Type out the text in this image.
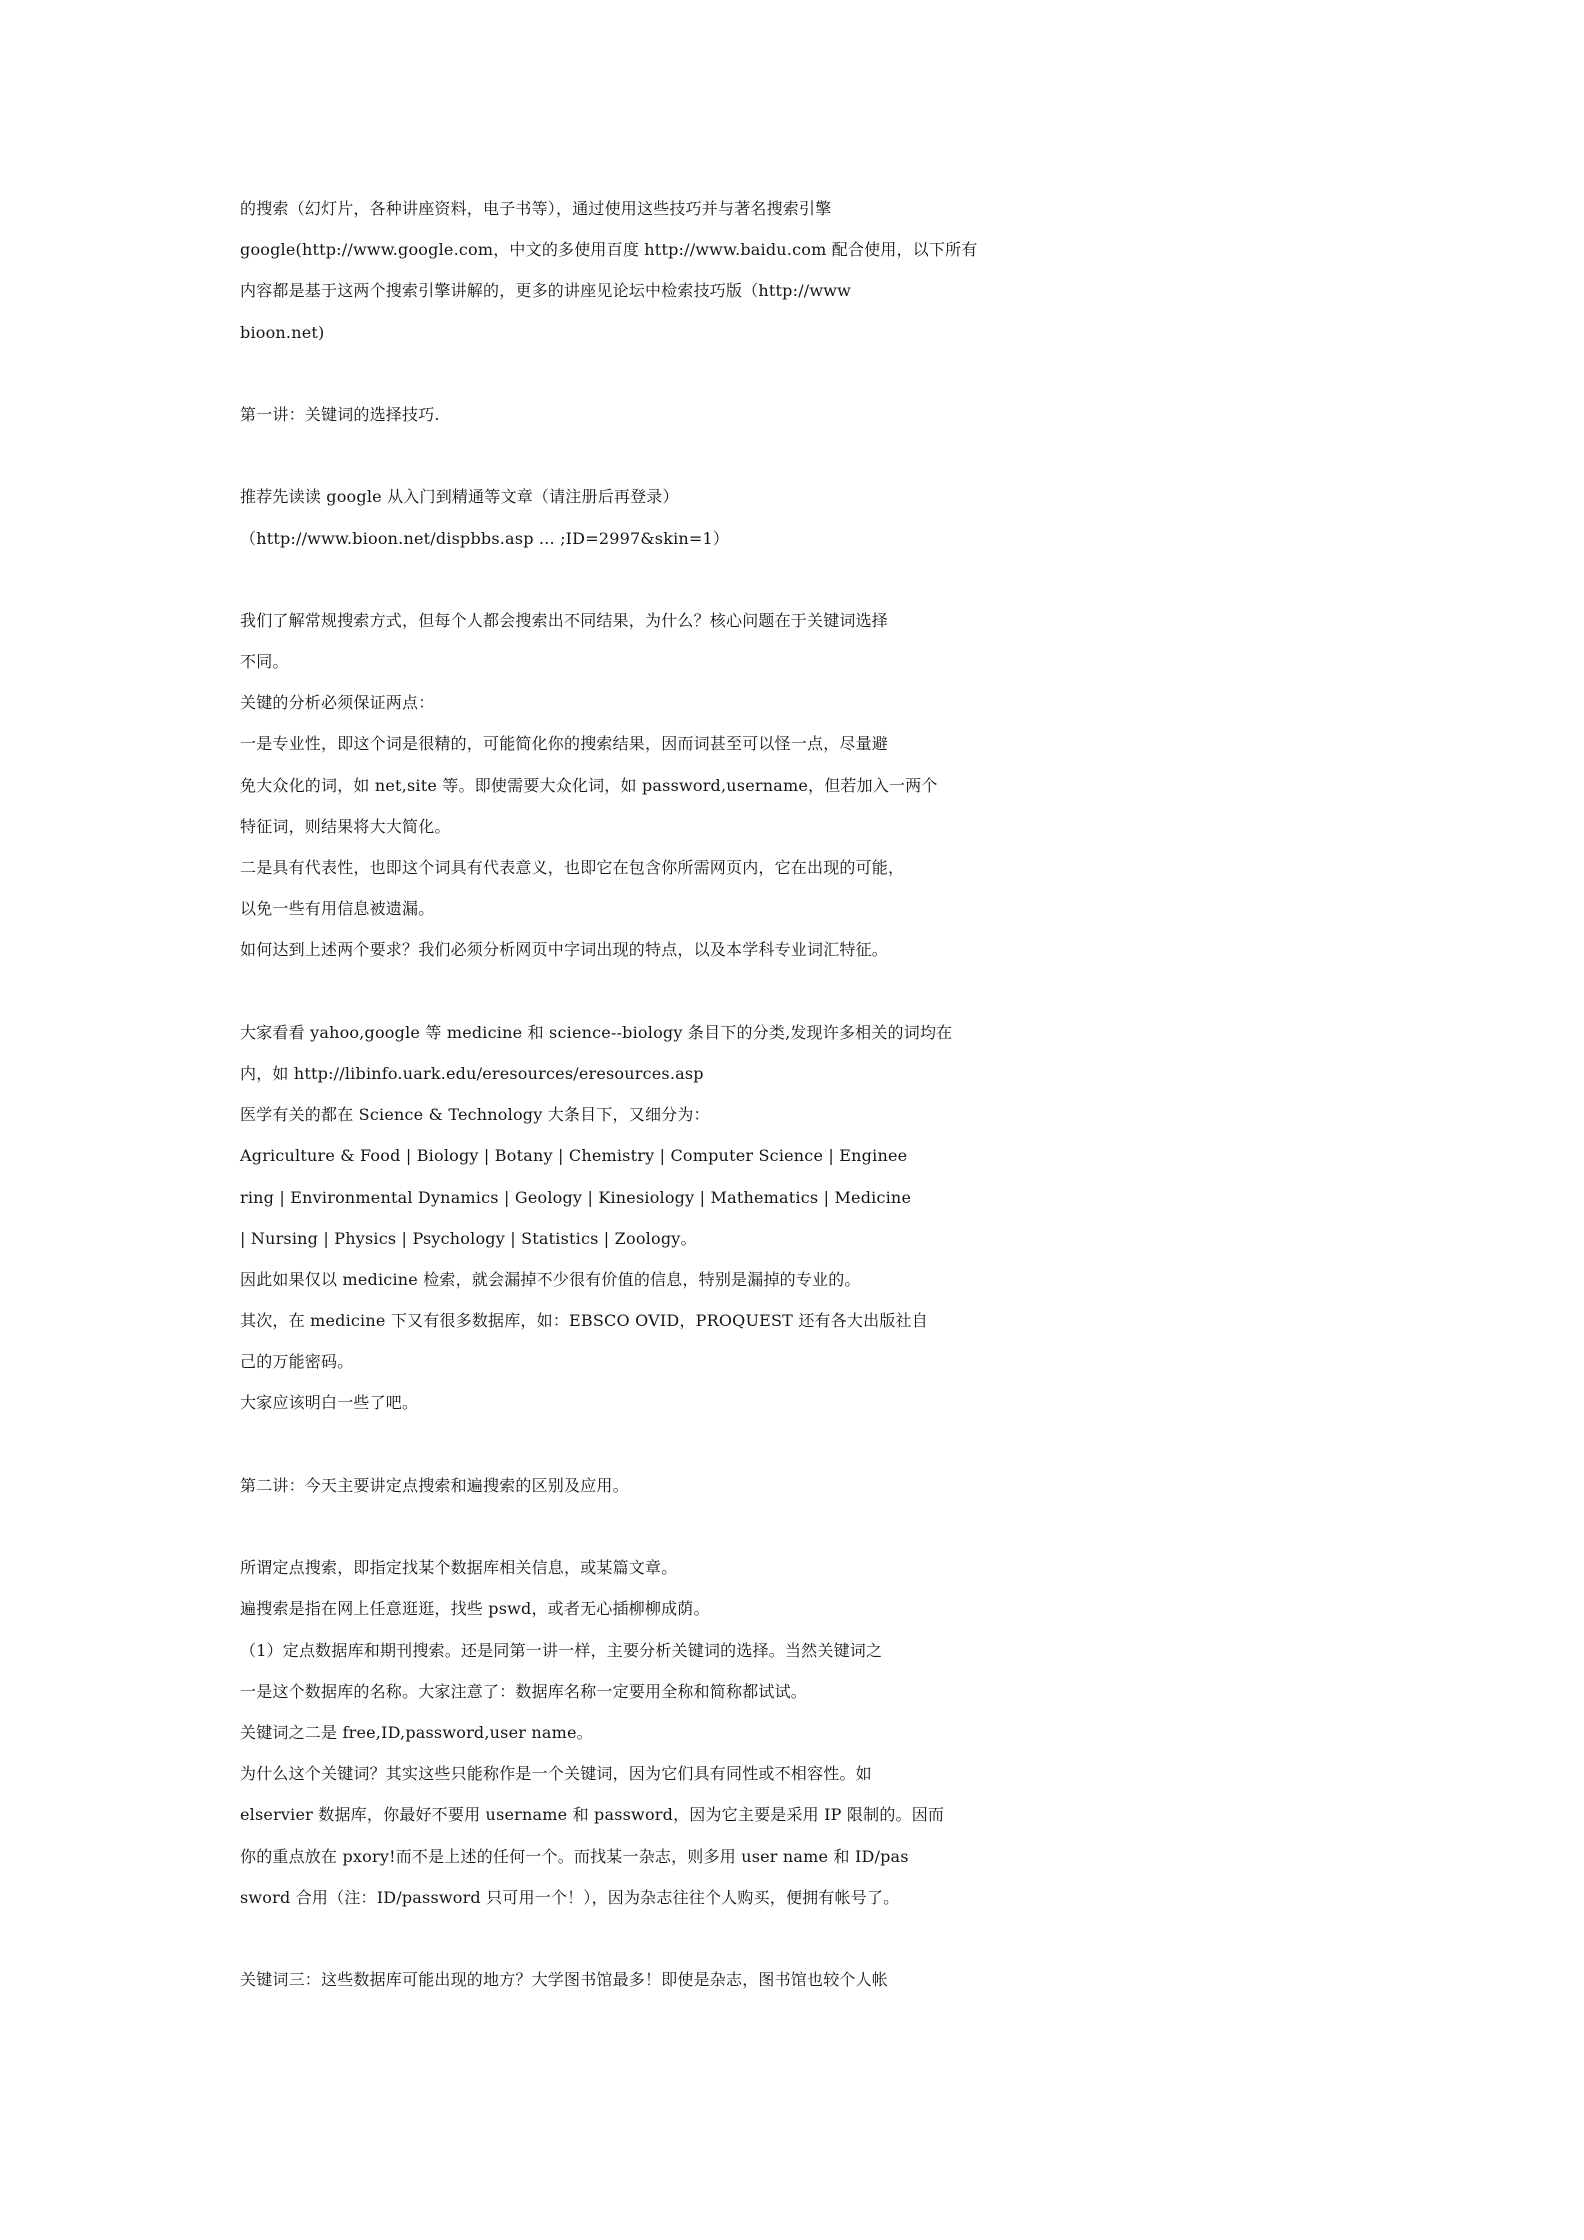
的搜索（幻灯片，各种讲座资料，电子书等），通过使用这些技巧并与著名搜索引擎
google(http://www.google.com，中文的多使用百度 http://www.baidu.com 配合使用，以下所有
内容都是基于这两个搜索引擎讲解的，更多的讲座见论坛中检索技巧版（http://www
bioon.net)
第一讲：关键词的选择技巧.
推荐先读读 google 从入门到精通等文章（请注册后再登录）
（http://www.bioon.net/dispbbs.asp ... ;ID=2997&skin=1）
我们了解常规搜索方式，但每个人都会搜索出不同结果，为什么？核心问题在于关键词选择
不同。
关键的分析必须保证两点：
一是专业性，即这个词是很精的，可能简化你的搜索结果，因而词甚至可以怪一点，尽量避
免大众化的词，如 net,site 等。即使需要大众化词，如 password,username，但若加入一两个
特征词，则结果将大大简化。
二是具有代表性，也即这个词具有代表意义，也即它在包含你所需网页内，它在出现的可能，
以免一些有用信息被遗漏。
如何达到上述两个要求？我们必须分析网页中字词出现的特点，以及本学科专业词汇特征。
大家看看 yahoo,google 等 medicine 和 science--biology 条目下的分类,发现许多相关的词均在
内，如 http://libinfo.uark.edu/eresources/eresources.asp
医学有关的都在 Science & Technology 大条目下，又细分为：
Agriculture & Food | Biology | Botany | Chemistry | Computer Science | Enginee
ring | Environmental Dynamics | Geology | Kinesiology | Mathematics | Medicine
| Nursing | Physics | Psychology | Statistics | Zoology。
因此如果仅以 medicine 检索，就会漏掉不少很有价值的信息，特别是漏掉的专业的。
其次，在 medicine 下又有很多数据库，如：EBSCO OVID，PROQUEST 还有各大出版社自
己的万能密码。
大家应该明白一些了吧。
第二讲：今天主要讲定点搜索和遍搜索的区别及应用。
所谓定点搜索，即指定找某个数据库相关信息，或某篇文章。
遍搜索是指在网上任意逛逛，找些 pswd，或者无心插柳柳成荫。
（1）定点数据库和期刊搜索。还是同第一讲一样，主要分析关键词的选择。当然关键词之
一是这个数据库的名称。大家注意了：数据库名称一定要用全称和简称都试试。
关键词之二是 free,ID,password,user name。
为什么这个关键词？其实这些只能称作是一个关键词，因为它们具有同性或不相容性。如
elservier 数据库，你最好不要用 username 和 password，因为它主要是采用 IP 限制的。因而
你的重点放在 pxory!而不是上述的任何一个。而找某一杂志，则多用 user name 和 ID/pas
sword 合用（注：ID/password 只可用一个！），因为杂志往往个人购买，便拥有帐号了。
关键词三：这些数据库可能出现的地方？大学图书馆最多！即使是杂志，图书馆也较个人帐
